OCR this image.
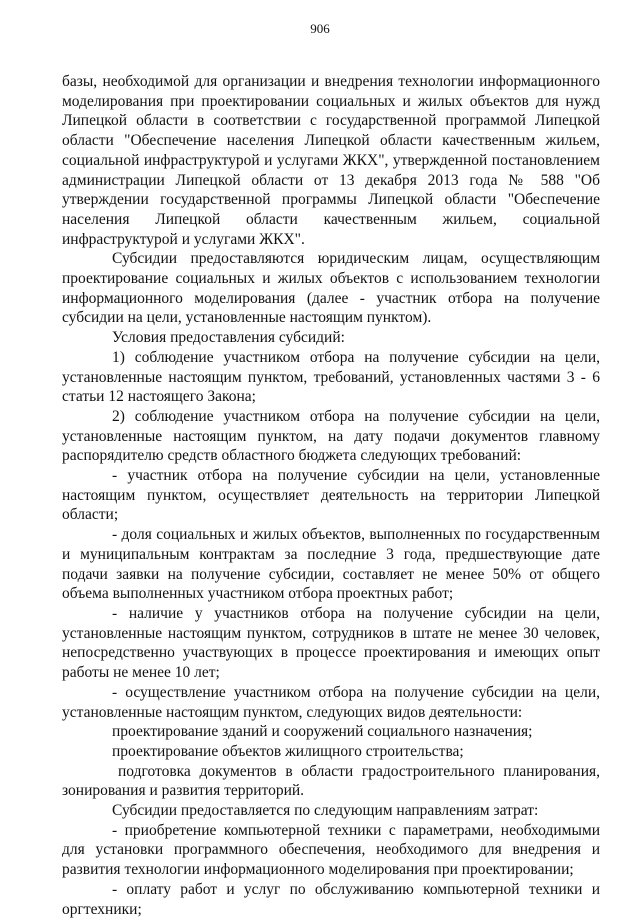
906

базы, необходимой для организации и внедрения технологии информационного моделирования при проектировании социальных и жилых объектов для нужд Липецкой области в соответствии с государственной программой Липецкой области "Обеспечение населения Липецкой области качественным жильем, социальной инфраструктурой и услугами ЖКХ", утвержденной постановлением администрации Липецкой области от 13 декабря 2013 года № 588 "Об утверждении государственной программы Липецкой области "Обеспечение населения Липецкой области качественным жильем, социальной инфраструктурой и услугами ЖКХ".

Субсидии предоставляются юридическим лицам, осуществляющим проектирование социальных и жилых объектов с использованием технологии информационного моделирования (далее - участник отбора на получение субсидии на цели, установленные настоящим пунктом).

Условия предоставления субсидий:

1) соблюдение участником отбора на получение субсидии на цели, установленные настоящим пунктом, требований, установленных частями 3 - 6 статьи 12 настоящего Закона;

2) соблюдение участником отбора на получение субсидии на цели, установленные настоящим пунктом, на дату подачи документов главному распорядителю средств областного бюджета следующих требований:

- участник отбора на получение субсидии на цели, установленные настоящим пунктом, осуществляет деятельность на территории Липецкой области;

- доля социальных и жилых объектов, выполненных по государственным и муниципальным контрактам за последние 3 года, предшествующие дате подачи заявки на получение субсидии, составляет не менее 50% от общего объема выполненных участником отбора проектных работ;

- наличие у участников отбора на получение субсидии на цели, установленные настоящим пунктом, сотрудников в штате не менее 30 человек, непосредственно участвующих в процессе проектирования и имеющих опыт работы не менее 10 лет;

- осуществление участником отбора на получение субсидии на цели, установленные настоящим пунктом, следующих видов деятельности:

проектирование зданий и сооружений социального назначения;

проектирование объектов жилищного строительства;

подготовка документов в области градостроительного планирования, зонирования и развития территорий.

Субсидии предоставляется по следующим направлениям затрат:

- приобретение компьютерной техники с параметрами, необходимыми для установки программного обеспечения, необходимого для внедрения и развития технологии информационного моделирования при проектировании;

- оплату работ и услуг по обслуживанию компьютерной техники и оргтехники;
